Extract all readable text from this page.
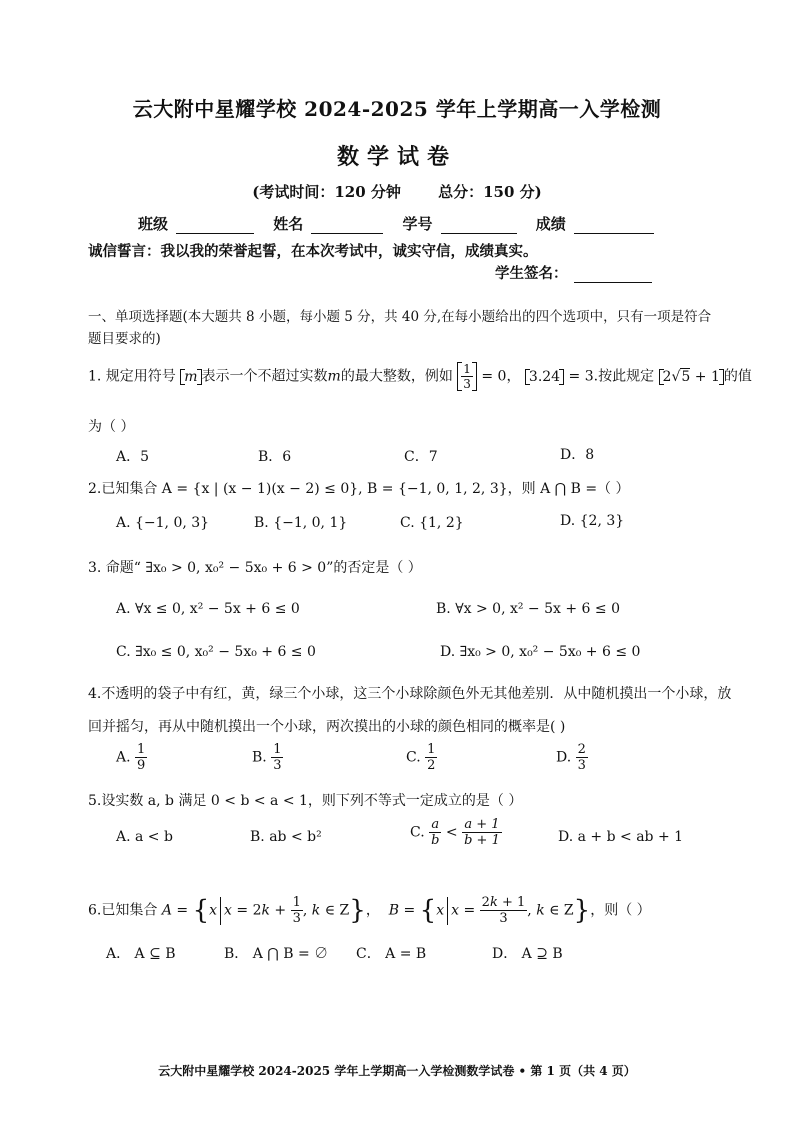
云大附中星耀学校 2024-2025 学年上学期高一入学检测
数学试卷
(考试时间：120 分钟 总分：150 分)
班级	姓名	学号	成绩
诚信誓言：我以我的荣誉起誓，在本次考试中，诚实守信，成绩真实。
学生签名：
一、单项选择题(本大题共 8 小题，每小题 5 分，共 40 分,在每小题给出的四个选项中，只有一项是符合题目要求的)
1. 规定用符号 m 表示一个不超过实数m的最大整数，例如 $\frac{1}{3} = 0$， 3.24 = 3.按此规定 2√5 + 1 的值
为（ ）
A．5	B．6	C．7	D．8
2.已知集合 A = {x | (x − 1)(x − 2) ≤ 0}, B = {−1, 0, 1, 2, 3}，则 A ⋂ B =（ ）
A. {−1, 0, 3}	B. {−1, 0, 1}	C. {1, 2}	D. {2, 3}
3. 命题“ ∃x₀ > 0, x₀² − 5x₀ + 6 > 0”的否定是（ ）
A. ∀x ≤ 0, x² − 5x + 6 ≤ 0	B. ∀x > 0, x² − 5x + 6 ≤ 0
C. ∃x₀ ≤ 0, x₀² − 5x₀ + 6 ≤ 0	D. ∃x₀ > 0, x₀² − 5x₀ + 6 ≤ 0
4.不透明的袋子中有红，黄，绿三个小球，这三个小球除颜色外无其他差别．从中随机摸出一个小球，放
回并摇匀，再从中随机摸出一个小球，两次摸出的小球的颜色相同的概率是( )
A. $\frac{1}{9}$	B. $\frac{1}{3}$	C. $\frac{1}{2}$	D. $\frac{2}{3}$
5.设实数 a, b 满足 0 < b < a < 1，则下列不等式一定成立的是（ ）
A. a < b	B. ab < b²	C. $\frac{a}{b} < \frac{a + 1}{b + 1}$	D. a + b < ab + 1
6.已知集合 A = {x $x = 2k + \frac{1}{3}$ , k ∈ Z}，  B = {x $x = \frac{2k + 1}{3}$ , k ∈ Z}，则（ ）
A． A ⊆ B	B． A ⋂ B = ∅ C． A = B	D． A ⊇ B
云大附中星耀学校 2024-2025 学年上学期高一入学检测数学试卷 • 第 1 页（共 4 页）
